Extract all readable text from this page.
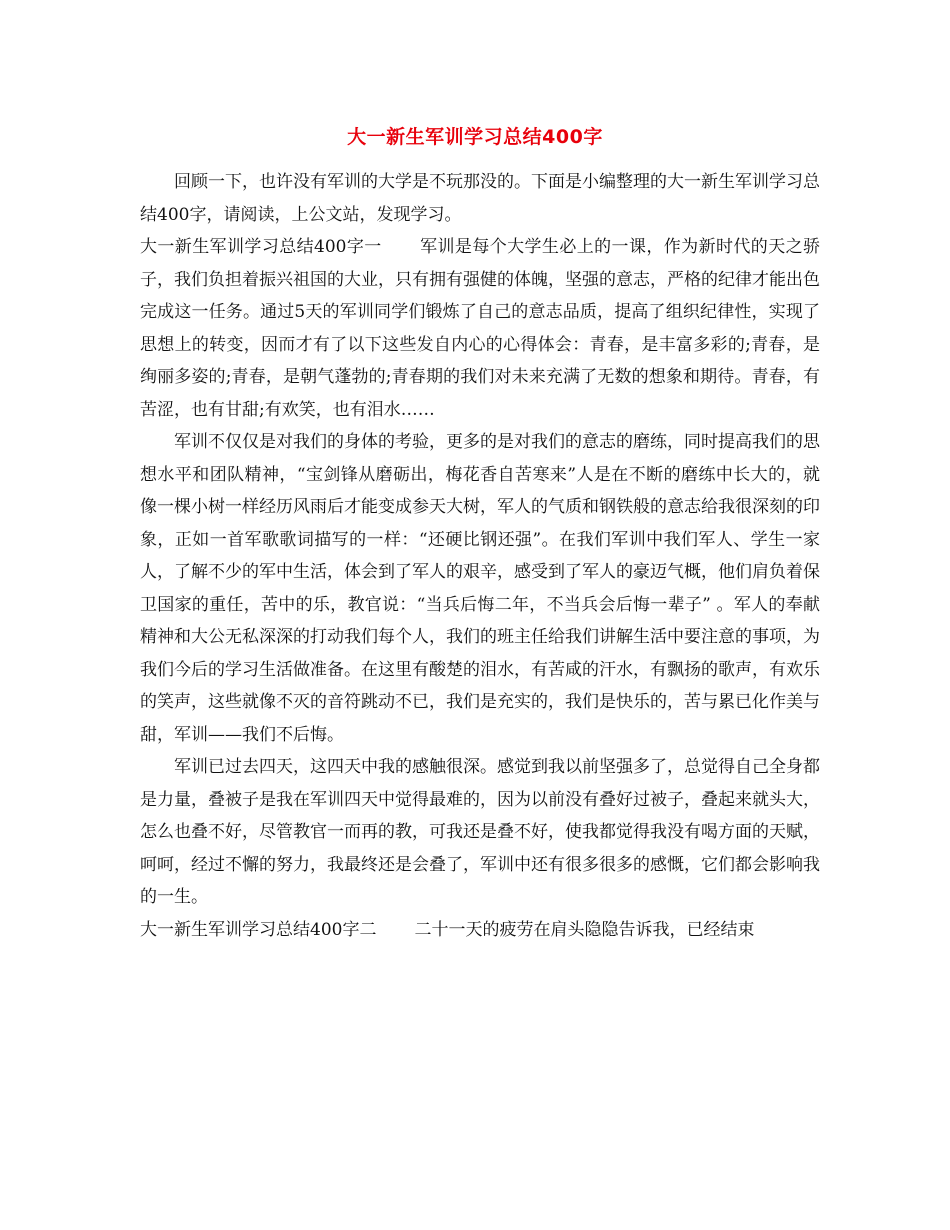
大一新生军训学习总结400字

回顾一下，也许没有军训的大学是不玩那没的。下面是小编整理的大一新生军训学习总结400字，请阅读，上公文站，发现学习。

大一新生军训学习总结400字一 军训是每个大学生必上的一课，作为新时代的天之骄子，我们负担着振兴祖国的大业，只有拥有强健的体魄，坚强的意志，严格的纪律才能出色完成这一任务。通过5天的军训同学们锻炼了自己的意志品质，提高了组织纪律性，实现了思想上的转变，因而才有了以下这些发自内心的心得体会：青春，是丰富多彩的;青春，是绚丽多姿的;青春，是朝气蓬勃的;青春期的我们对未来充满了无数的想象和期待。青春，有苦涩，也有甘甜;有欢笑，也有泪水……

军训不仅仅是对我们的身体的考验，更多的是对我们的意志的磨练，同时提高我们的思想水平和团队精神，“宝剑锋从磨砺出，梅花香自苦寒来”人是在不断的磨练中长大的，就像一棵小树一样经历风雨后才能变成参天大树，军人的气质和钢铁般的意志给我很深刻的印象，正如一首军歌歌词描写的一样：“还硬比钢还强”。在我们军训中我们军人、学生一家人，了解不少的军中生活，体会到了军人的艰辛，感受到了军人的豪迈气概，他们肩负着保卫国家的重任，苦中的乐，教官说：“当兵后悔二年，不当兵会后悔一辈子” 。军人的奉献精神和大公无私深深的打动我们每个人，我们的班主任给我们讲解生活中要注意的事项，为我们今后的学习生活做准备。在这里有酸楚的泪水，有苦咸的汗水，有飘扬的歌声，有欢乐的笑声，这些就像不灭的音符跳动不已，我们是充实的，我们是快乐的，苦与累已化作美与甜，军训——我们不后悔。

军训已过去四天，这四天中我的感触很深。感觉到我以前坚强多了，总觉得自己全身都是力量，叠被子是我在军训四天中觉得最难的，因为以前没有叠好过被子，叠起来就头大，怎么也叠不好，尽管教官一而再的教，可我还是叠不好，使我都觉得我没有喝方面的天赋，呵呵，经过不懈的努力，我最终还是会叠了，军训中还有很多很多的感慨，它们都会影响我的一生。

大一新生军训学习总结400字二 二十一天的疲劳在肩头隐隐告诉我，已经结束
